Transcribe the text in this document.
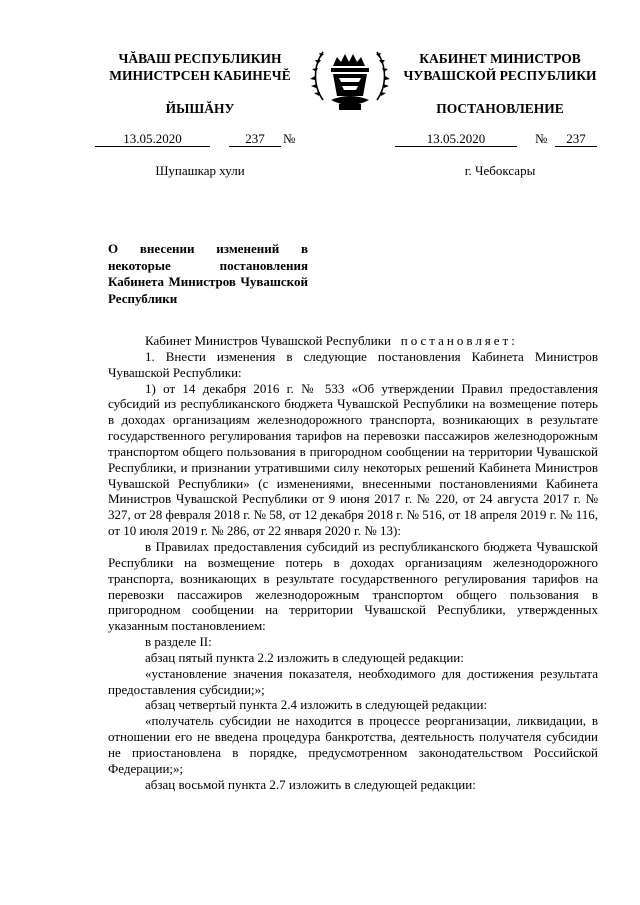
ЧĂВАШ РЕСПУБЛИКИН
МИНИСТРСЕН КАБИНЕЧĔ
КАБИНЕТ МИНИСТРОВ
ЧУВАШСКОЙ РЕСПУБЛИКИ
ЙЫШĂНУ	ПОСТАНОВЛЕНИЕ
13.05.2020	237	№	13.05.2020	№	237
Шупашкар хули	г. Чебоксары
О внесении изменений в некоторые постановления Кабинета Министров Чувашской Республики

Кабинет Министров Чувашской Республики постановляет:

1. Внести изменения в следующие постановления Кабинета Министров Чувашской Республики:

1) от 14 декабря 2016 г. № 533 «Об утверждении Правил предоставления субсидий из республиканского бюджета Чувашской Республики на возмещение потерь в доходах организациям железнодорожного транспорта, возникающих в результате государственного регулирования тарифов на перевозки пассажиров железнодорожным транспортом общего пользования в пригородном сообщении на территории Чувашской Республики, и признании утратившими силу некоторых решений Кабинета Министров Чувашской Республики» (с изменениями, внесенными постановлениями Кабинета Министров Чувашской Республики от 9 июня 2017 г. № 220, от 24 августа 2017 г. № 327, от 28 февраля 2018 г. № 58, от 12 декабря 2018 г. № 516, от 18 апреля 2019 г. № 116, от 10 июля 2019 г. № 286, от 22 января 2020 г. № 13):

в Правилах предоставления субсидий из республиканского бюджета Чувашской Республики на возмещение потерь в доходах организациям железнодорожного транспорта, возникающих в результате государственного регулирования тарифов на перевозки пассажиров железнодорожным транспортом общего пользования в пригородном сообщении на территории Чувашской Республики, утвержденных указанным постановлением:

в разделе II:

абзац пятый пункта 2.2 изложить в следующей редакции:

«установление значения показателя, необходимого для достижения результата предоставления субсидии;»;

абзац четвертый пункта 2.4 изложить в следующей редакции:

«получатель субсидии не находится в процессе реорганизации, ликвидации, в отношении его не введена процедура банкротства, деятельность получателя субсидии не приостановлена в порядке, предусмотренном законодательством Российской Федерации;»;

абзац восьмой пункта 2.7 изложить в следующей редакции:
